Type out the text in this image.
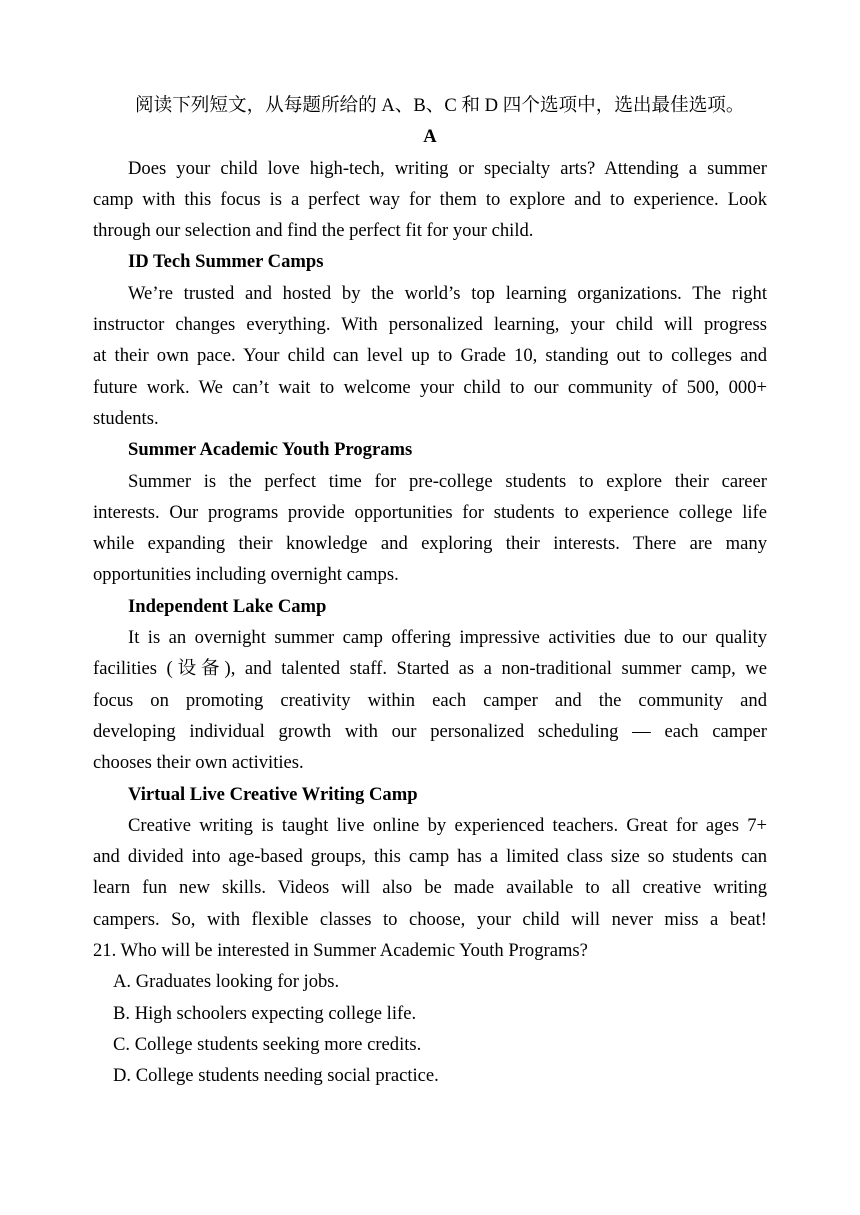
阅读下列短文，从每题所给的 A、B、C 和 D 四个选项中，选出最佳选项。
A
Does your child love high-tech, writing or specialty arts? Attending a summer
camp with this focus is a perfect way for them to explore and to experience. Look
through our selection and find the perfect fit for your child.
ID Tech Summer Camps
We’re trusted and hosted by the world’s top learning organizations. The right
instructor changes everything. With personalized learning, your child will progress
at their own pace. Your child can level up to Grade 10, standing out to colleges and
future work. We can’t wait to welcome your child to our community of 500, 000+
students.
Summer Academic Youth Programs
Summer is the perfect time for pre-college students to explore their career
interests. Our programs provide opportunities for students to experience college life
while expanding their knowledge and exploring their interests. There are many
opportunities including overnight camps.
Independent Lake Camp
It is an overnight summer camp offering impressive activities due to our quality
facilities (设备), and talented staff. Started as a non-traditional summer camp, we
focus on promoting creativity within each camper and the community and
developing individual growth with our personalized scheduling — each camper
chooses their own activities.
Virtual Live Creative Writing Camp
Creative writing is taught live online by experienced teachers. Great for ages 7+
and divided into age-based groups, this camp has a limited class size so students can
learn fun new skills. Videos will also be made available to all creative writing
campers. So, with flexible classes to choose, your child will never miss a beat!
21. Who will be interested in Summer Academic Youth Programs?
A. Graduates looking for jobs.
B. High schoolers expecting college life.
C. College students seeking more credits.
D. College students needing social practice.
